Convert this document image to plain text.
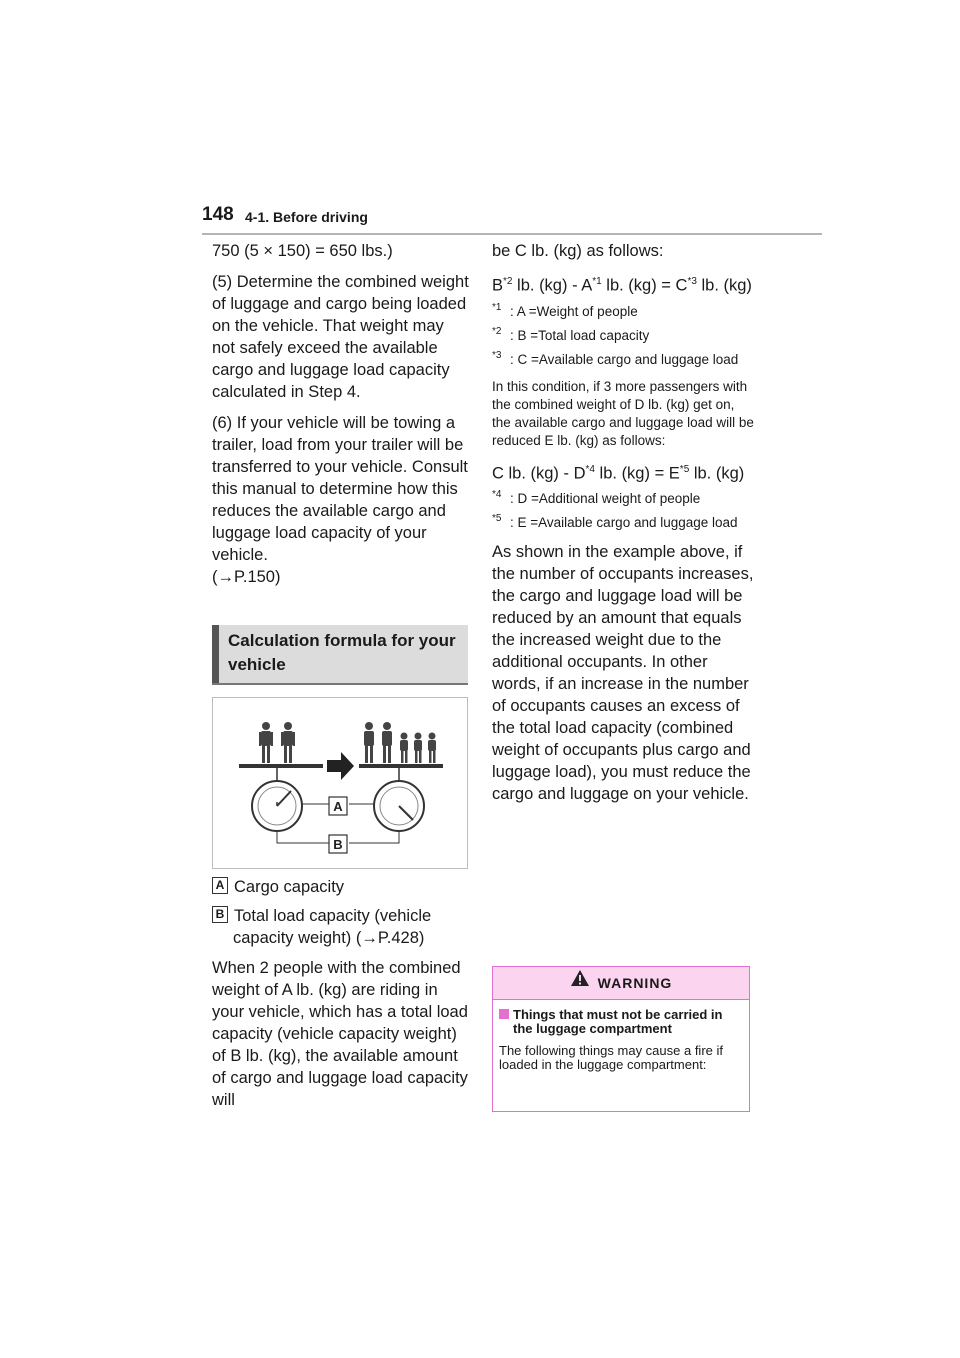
148 4-1. Before driving

750 (5 × 150) = 650 lbs.)

(5) Determine the combined weight of luggage and cargo being loaded on the vehicle. That weight may not safely exceed the available cargo and luggage load capacity calculated in Step 4.

(6) If your vehicle will be towing a trailer, load from your trailer will be transferred to your vehicle. Consult this manual to determine how this reduces the available cargo and luggage load capacity of your vehicle.
(→P.150)

Calculation formula for your vehicle
A
B
A Cargo capacity
B Total load capacity (vehicle capacity weight) (→P.428)
When 2 people with the combined weight of A lb. (kg) are riding in your vehicle, which has a total load capacity (vehicle capacity weight) of B lb. (kg), the available amount of cargo and luggage load capacity will

be C lb. (kg) as follows:

$B^{*2}$ lb. $(kg) - A^{*1}$ lb. $(kg) = C^{*3}$ lb. (kg)

*1 : A =Weight of people
*2 : B =Total load capacity
*3 : C =Available cargo and luggage load

In this condition, if 3 more passengers with the combined weight of D lb. (kg) get on, the available cargo and luggage load will be reduced E lb. (kg) as follows:

C lb. $(kg) - D^{*4}$ lb. $(kg) = E^{*5}$ lb. (kg)

*4 : D =Additional weight of people
*5 : E =Available cargo and luggage load

As shown in the example above, if the number of occupants increases, the cargo and luggage load will be reduced by an amount that equals the increased weight due to the additional occupants. In other words, if an increase in the number of occupants causes an excess of the total load capacity (combined weight of occupants plus cargo and luggage load), you must reduce the cargo and luggage on your vehicle.

WARNING
Things that must not be carried in the luggage compartment
The following things may cause a fire if loaded in the luggage compartment:
